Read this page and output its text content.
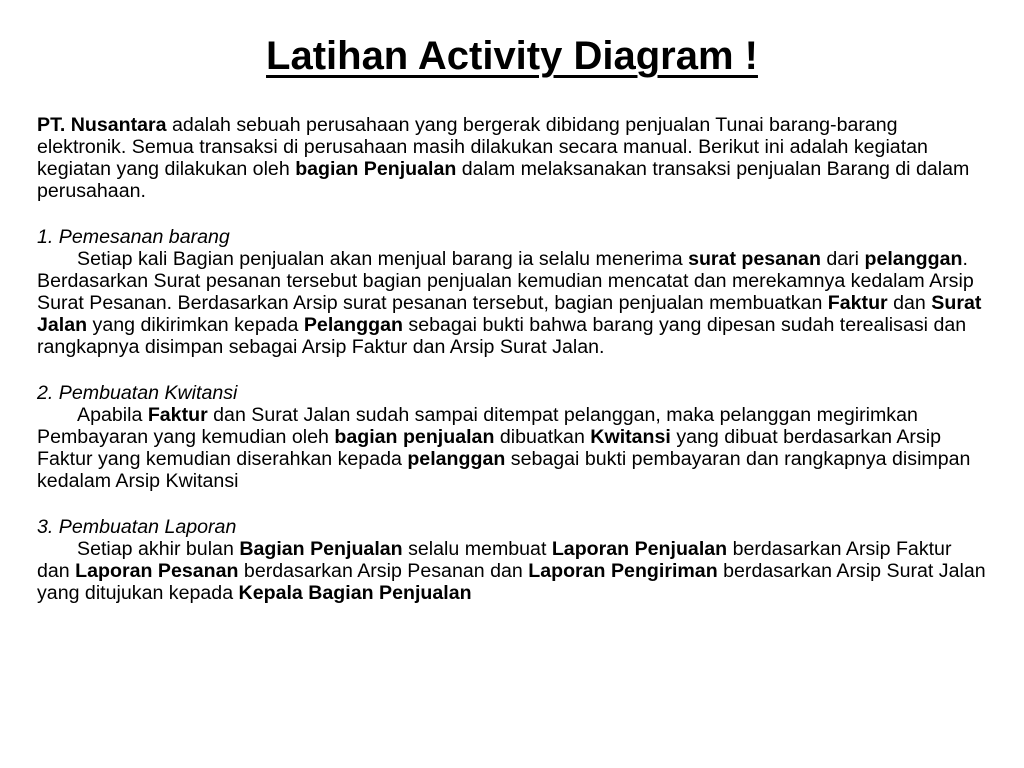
Latihan Activity Diagram !

PT. Nusantara adalah sebuah perusahaan yang bergerak dibidang penjualan Tunai barang-barang elektronik. Semua transaksi di perusahaan masih dilakukan secara manual. Berikut ini adalah kegiatan kegiatan yang dilakukan oleh bagian Penjualan dalam melaksanakan transaksi penjualan Barang di dalam perusahaan.

1. Pemesanan barang

Setiap kali Bagian penjualan akan menjual barang ia selalu menerima surat pesanan dari pelanggan. Berdasarkan Surat pesanan tersebut bagian penjualan kemudian mencatat dan merekamnya kedalam Arsip Surat Pesanan. Berdasarkan Arsip surat pesanan tersebut, bagian penjualan membuatkan Faktur dan Surat Jalan yang dikirimkan kepada Pelanggan sebagai bukti bahwa barang yang dipesan sudah terealisasi dan rangkapnya disimpan sebagai Arsip Faktur dan Arsip Surat Jalan.

2. Pembuatan Kwitansi

Apabila Faktur dan Surat Jalan sudah sampai ditempat pelanggan, maka pelanggan megirimkan Pembayaran yang kemudian oleh bagian penjualan dibuatkan Kwitansi yang dibuat berdasarkan Arsip Faktur yang kemudian diserahkan kepada pelanggan sebagai bukti pembayaran dan rangkapnya disimpan kedalam Arsip Kwitansi

3. Pembuatan Laporan

Setiap akhir bulan Bagian Penjualan selalu membuat Laporan Penjualan berdasarkan Arsip Faktur dan Laporan Pesanan berdasarkan Arsip Pesanan dan Laporan Pengiriman berdasarkan Arsip Surat Jalan yang ditujukan kepada Kepala Bagian Penjualan
